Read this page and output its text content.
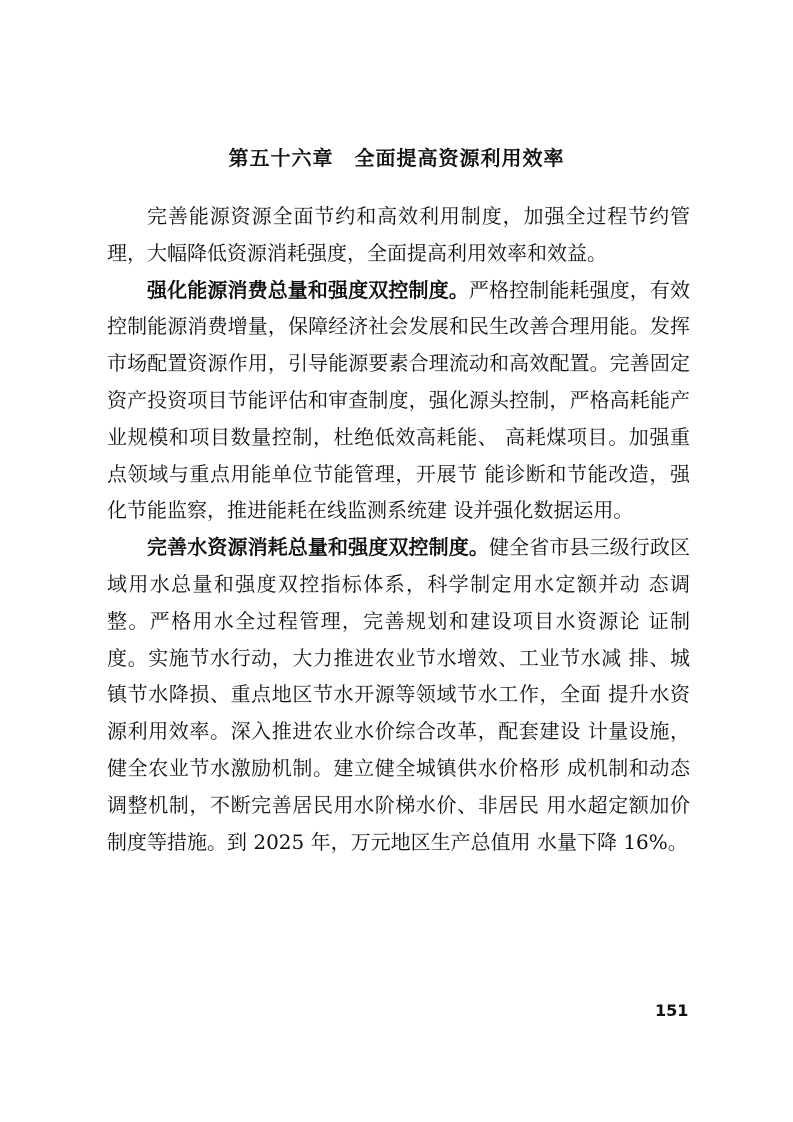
第五十六章　全面提高资源利用效率

完善能源资源全面节约和高效利用制度，加强全过程节约管理，大幅降低资源消耗强度，全面提高利用效率和效益。

强化能源消费总量和强度双控制度。严格控制能耗强度，有效控制能源消费增量，保障经济社会发展和民生改善合理用能。发挥市场配置资源作用，引导能源要素合理流动和高效配置。完善固定资产投资项目节能评估和审查制度，强化源头控制，严格高耗能产业规模和项目数量控制，杜绝低效高耗能、 高耗煤项目。加强重点领域与重点用能单位节能管理，开展节 能诊断和节能改造，强化节能监察，推进能耗在线监测系统建 设并强化数据运用。

完善水资源消耗总量和强度双控制度。健全省市县三级行政区域用水总量和强度双控指标体系，科学制定用水定额并动 态调整。严格用水全过程管理，完善规划和建设项目水资源论 证制度。实施节水行动，大力推进农业节水增效、工业节水减 排、城镇节水降损、重点地区节水开源等领域节水工作，全面 提升水资源利用效率。深入推进农业水价综合改革，配套建设 计量设施，健全农业节水激励机制。建立健全城镇供水价格形 成机制和动态调整机制，不断完善居民用水阶梯水价、非居民 用水超定额加价制度等措施。到 2025 年，万元地区生产总值用 水量下降 16%。

151
